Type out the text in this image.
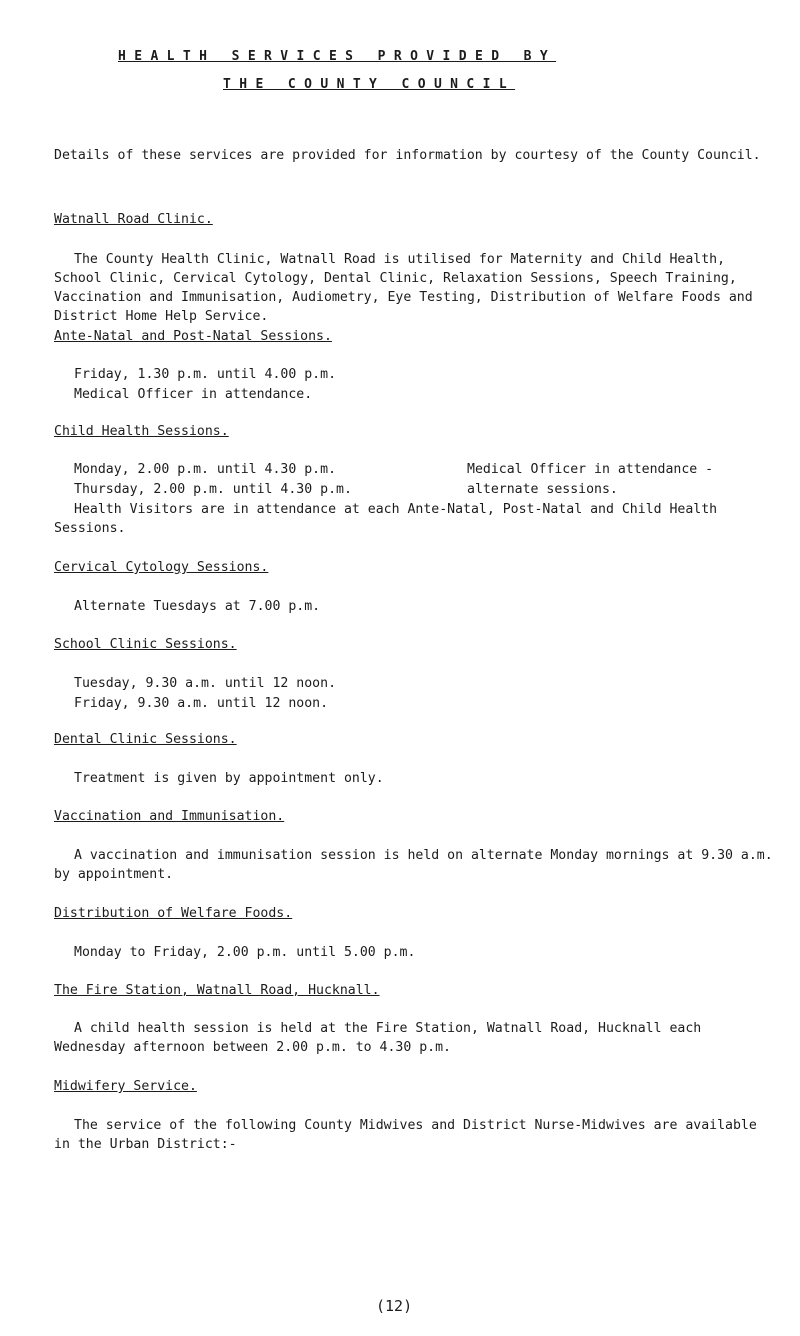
HEALTH SERVICES PROVIDED BY
THE COUNTY COUNCIL

Details of these services are provided for information by courtesy of the County Council.

Watnall Road Clinic.

The County Health Clinic, Watnall Road is utilised for Maternity and Child Health, School Clinic, Cervical Cytology, Dental Clinic, Relaxation Sessions, Speech Training, Vaccination and Immunisation, Audiometry, Eye Testing, Distribution of Welfare Foods and District Home Help Service.

Ante-Natal and Post-Natal Sessions.

Friday, 1.30 p.m. until 4.00 p.m.

Medical Officer in attendance.

Child Health Sessions.

Monday, 2.00 p.m. until 4.30 p.m.

Thursday, 2.00 p.m. until 4.30 p.m.

Medical Officer in attendance -

alternate sessions.

Health Visitors are in attendance at each Ante-Natal, Post-Natal and Child Health Sessions.

Cervical Cytology Sessions.

Alternate Tuesdays at 7.00 p.m.

School Clinic Sessions.

Tuesday, 9.30 a.m. until 12 noon.

Friday, 9.30 a.m. until 12 noon.

Dental Clinic Sessions.

Treatment is given by appointment only.

Vaccination and Immunisation.

A vaccination and immunisation session is held on alternate Monday mornings at 9.30 a.m. by appointment.

Distribution of Welfare Foods.

Monday to Friday, 2.00 p.m. until 5.00 p.m.

The Fire Station, Watnall Road, Hucknall.

A child health session is held at the Fire Station, Watnall Road, Hucknall each Wednesday afternoon between 2.00 p.m. to 4.30 p.m.

Midwifery Service.

The service of the following County Midwives and District Nurse-Midwives are available in the Urban District:-

(12)
